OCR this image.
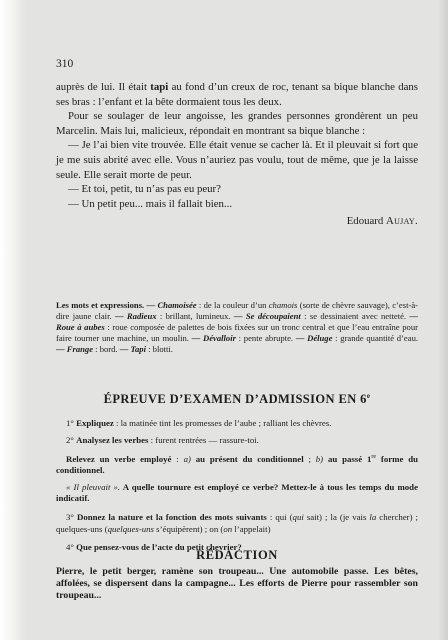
310

auprès de lui. Il était tapi au fond d’un creux de roc, tenant sa bique blanche dans ses bras : l’enfant et la bête dormaient tous les deux.

Pour se soulager de leur angoisse, les grandes personnes grondèrent un peu Marcelin. Mais lui, malicieux, répondait en montrant sa bique blanche :

— Je l’ai bien vite trouvée. Elle était venue se cacher là. Et il pleuvait si fort que je me suis abrité avec elle. Vous n’auriez pas voulu, tout de même, que je la laisse seule. Elle serait morte de peur.

— Et toi, petit, tu n’as pas eu peur?

— Un petit peu... mais il fallait bien...

Edouard Aujay.

Les mots et expressions. — Chamoisée : de la couleur d’un chamois (sorte de chèvre sauvage), c’est-à-dire jaune clair. — Radieux : brillant, lumineux. — Se découpaient : se dessinaient avec netteté. — Roue à aubes : roue composée de palettes de bois fixées sur un tronc central et que l’eau entraîne pour faire tourner une machine, un moulin. — Dévalloir : pente abrupte. — Déluge : grande quantité d’eau. — Frange : bord. — Tapi : blotti.

ÉPREUVE D’EXAMEN D’ADMISSION EN 6e

1° Expliquez : la matinée tint les promesses de l’aube ; ralliant les chèvres.

2° Analysez les verbes : furent rentrées — rassure-toi.

Relevez un verbe employé : a) au présent du conditionnel ; b) au passé 1re forme du conditionnel.

« Il pleuvait ». A quelle tournure est employé ce verbe? Mettez-le à tous les temps du mode indicatif.

3° Donnez la nature et la fonction des mots suivants : qui (qui sait) ; la (je vais la chercher) ; quelques-uns (quelques-uns s’équipèrent) ; on (on l’appelait)

4° Que pensez-vous de l’acte du petit chevrier?

RÉDACTION

Pierre, le petit berger, ramène son troupeau... Une automobile passe. Les bêtes, affolées, se dispersent dans la campagne... Les efforts de Pierre pour rassembler son troupeau...
